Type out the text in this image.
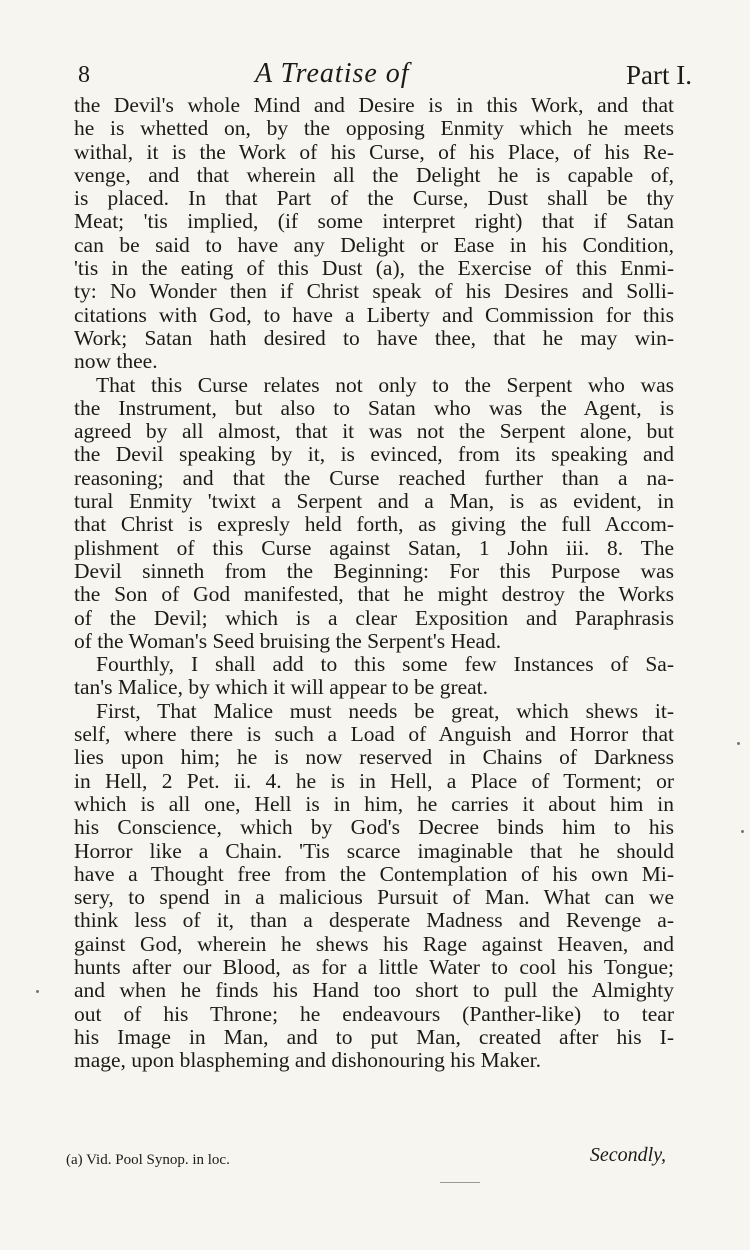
8	A Treatise of	Part I.
the Devil's whole Mind and Desire is in this Work, and that
he is whetted on, by the opposing Enmity which he meets
withal, it is the Work of his Curse, of his Place, of his Re-
venge, and that wherein all the Delight he is capable of,
is placed. In that Part of the Curse, Dust shall be thy
Meat; 'tis implied, (if some interpret right) that if Satan
can be said to have any Delight or Ease in his Condition,
'tis in the eating of this Dust (a), the Exercise of this Enmi-
ty: No Wonder then if Christ speak of his Desires and Solli-
citations with God, to have a Liberty and Commission for this
Work; Satan hath desired to have thee, that he may win-
now thee.
That this Curse relates not only to the Serpent who was
the Instrument, but also to Satan who was the Agent, is
agreed by all almost, that it was not the Serpent alone, but
the Devil speaking by it, is evinced, from its speaking and
reasoning; and that the Curse reached further than a na-
tural Enmity 'twixt a Serpent and a Man, is as evident, in
that Christ is expresly held forth, as giving the full Accom-
plishment of this Curse against Satan, 1 John iii. 8. The
Devil sinneth from the Beginning: For this Purpose was
the Son of God manifested, that he might destroy the Works
of the Devil; which is a clear Exposition and Paraphrasis
of the Woman's Seed bruising the Serpent's Head.
Fourthly, I shall add to this some few Instances of Sa-
tan's Malice, by which it will appear to be great.
First, That Malice must needs be great, which shews it-
self, where there is such a Load of Anguish and Horror that
lies upon him; he is now reserved in Chains of Darkness
in Hell, 2 Pet. ii. 4. he is in Hell, a Place of Torment; or
which is all one, Hell is in him, he carries it about him in
his Conscience, which by God's Decree binds him to his
Horror like a Chain. 'Tis scarce imaginable that he should
have a Thought free from the Contemplation of his own Mi-
sery, to spend in a malicious Pursuit of Man. What can we
think less of it, than a desperate Madness and Revenge a-
gainst God, wherein he shews his Rage against Heaven, and
hunts after our Blood, as for a little Water to cool his Tongue;
and when he finds his Hand too short to pull the Almighty
out of his Throne; he endeavours (Panther-like) to tear
his Image in Man, and to put Man, created after his I-
mage, upon blaspheming and dishonouring his Maker.
(a) Vid. Pool Synop. in loc.	Secondly,
